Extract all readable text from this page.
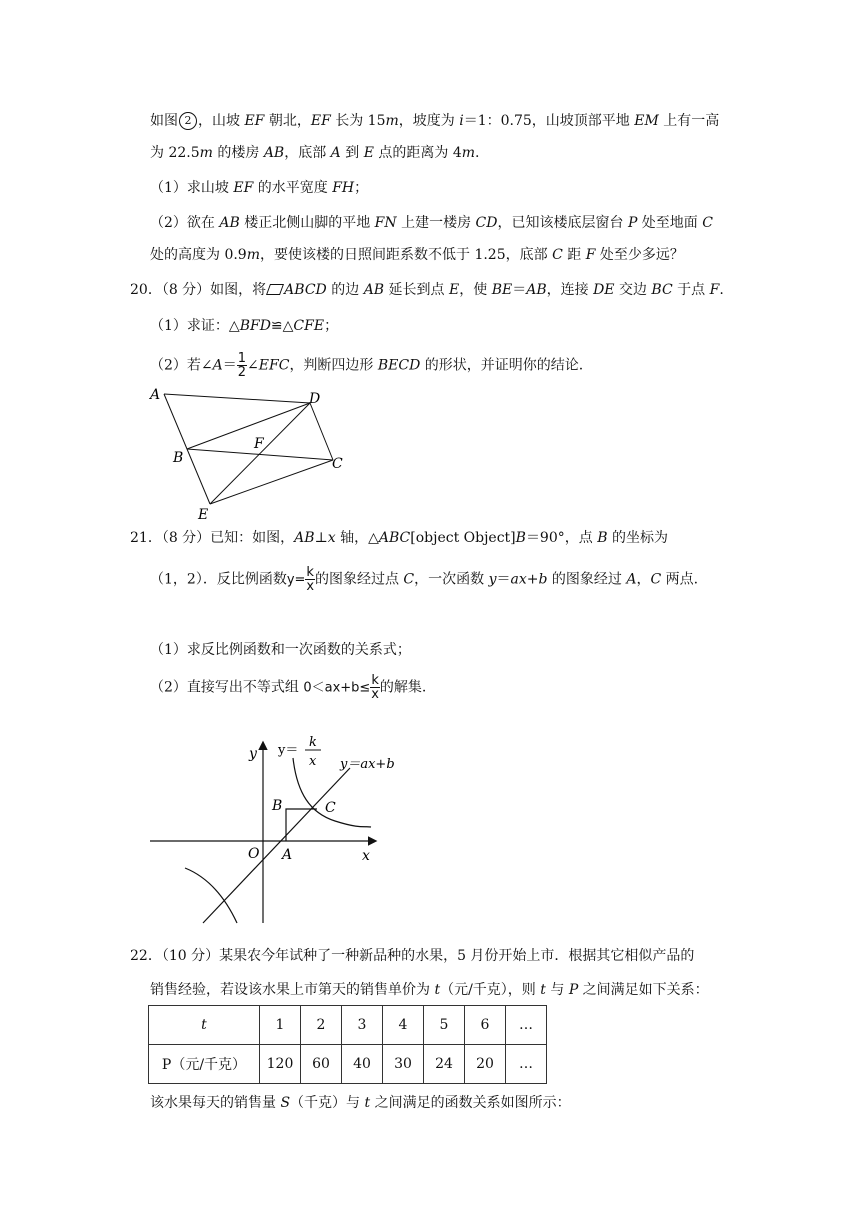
如图 2 ，山坡 EF 朝北，EF 长为 15m，坡度为 i＝1：0.75，山坡顶部平地 EM 上有一高
为 22.5m 的楼房 AB，底部 A 到 E 点的距离为 4m.
（1）求山坡 EF 的水平宽度 FH；
（2）欲在 AB 楼正北侧山脚的平地 FN 上建一楼房 CD，已知该楼底层窗台 P 处至地面 C
处的高度为 0.9m，要使该楼的日照间距系数不低于 1.25，底部 C 距 F 处至少多远？
20．（8 分）如图，将 ABCD 的边 AB 延长到点 E，使 BE＝AB，连接 DE 交边 BC 于点 F.
（1）求证：△BFD≌△CFE；
（2）若∠A＝ $\frac{1}{2}$ ∠EFC，判断四边形 BECD 的形状，并证明你的结论.
A	D
F
B	C
E
21．（8 分）已知：如图，AB⊥x 轴，△ABC[object Object]B＝90°，点 B 的坐标为
（1，2）．反比例函数$y= \frac{k}{x}$ 的图象经过点 C，一次函数 y＝ax+b 的图象经过 A，C 两点.
（1）求反比例函数和一次函数的关系式；
（2）直接写出不等式组 $0<ax+b\le \frac{k}{x}$ 的解集.
y
x
O A
B	C
y＝
k
x y＝ax+b
22．（10 分）某果农今年试种了一种新品种的水果，5 月份开始上市．根据其它相似产品的
销售经验，若设该水果上市第天的销售单价为 t（元/千克），则 t 与 P 之间满足如下关系：
t	1	2	3	4	5	6	…
P（元/千克）	120	60	40	30	24	20	…
该水果每天的销售量 S（千克）与 t 之间满足的函数关系如图所示：
